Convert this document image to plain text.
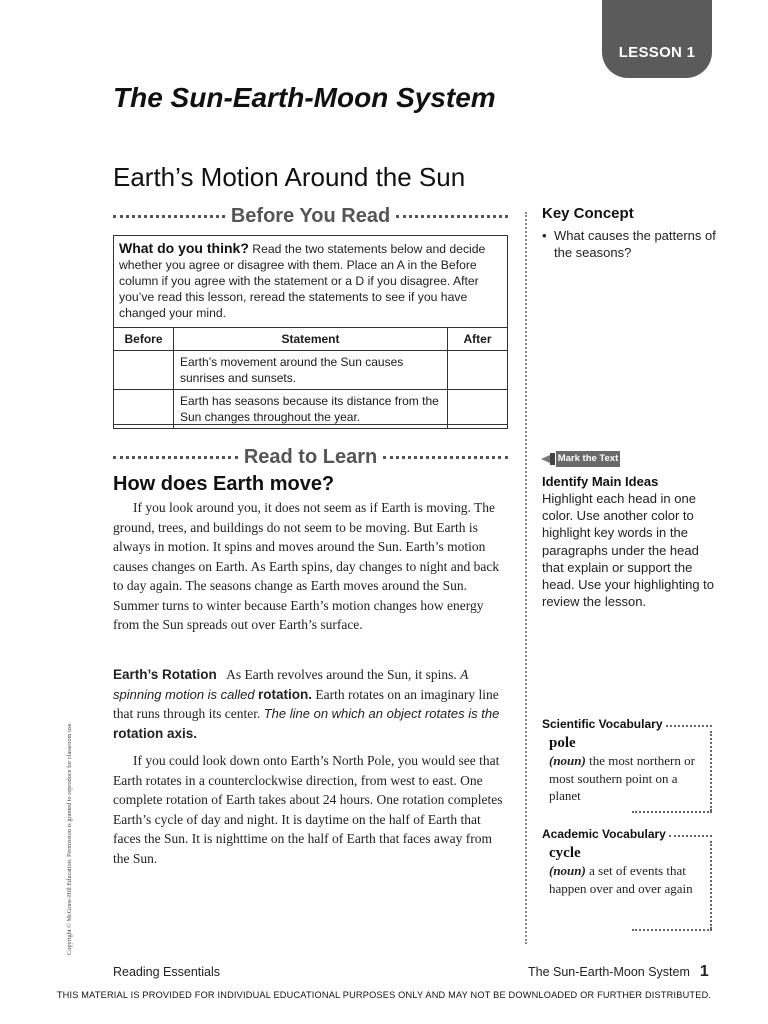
LESSON 1
The Sun-Earth-Moon System
Earth’s Motion Around the Sun
Before You Read
What do you think? Read the two statements below and decide whether you agree or disagree with them. Place an A in the Before column if you agree with the statement or a D if you disagree. After you’ve read this lesson, reread the statements to see if you have changed your mind.
Before	Statement	After
	Earth’s movement around the Sun causes sunrises and sunsets.	
	Earth has seasons because its distance from the Sun changes throughout the year.	
Read to Learn
How does Earth move?
If you look around you, it does not seem as if Earth is moving. The ground, trees, and buildings do not seem to be moving. But Earth is always in motion. It spins and moves around the Sun. Earth’s motion causes changes on Earth. As Earth spins, day changes to night and back to day again. The seasons change as Earth moves around the Sun. Summer turns to winter because Earth’s motion changes how energy from the Sun spreads out over Earth’s surface.
Earth’s Rotation As Earth revolves around the Sun, it spins. A spinning motion is called rotation. Earth rotates on an imaginary line that runs through its center. The line on which an object rotates is the rotation axis.
If you could look down onto Earth’s North Pole, you would see that Earth rotates in a counterclockwise direction, from west to east. One complete rotation of Earth takes about 24 hours. One rotation completes Earth’s cycle of day and night. It is daytime on the half of Earth that faces the Sun. It is nighttime on the half of Earth that faces away from the Sun.
Key Concept
• What causes the patterns of the seasons?
Mark the Text
Identify Main Ideas
Highlight each head in one color. Use another color to highlight key words in the paragraphs under the head that explain or support the head. Use your highlighting to review the lesson.
Scientific Vocabulary
pole
(noun) the most northern or most southern point on a planet
Academic Vocabulary
cycle
(noun) a set of events that happen over and over again
Copyright © McGraw-Hill Education. Permission is granted to reproduce for classroom use.
Reading Essentials	The Sun-Earth-Moon System 1
THIS MATERIAL IS PROVIDED FOR INDIVIDUAL EDUCATIONAL PURPOSES ONLY AND MAY NOT BE DOWNLOADED OR FURTHER DISTRIBUTED.
